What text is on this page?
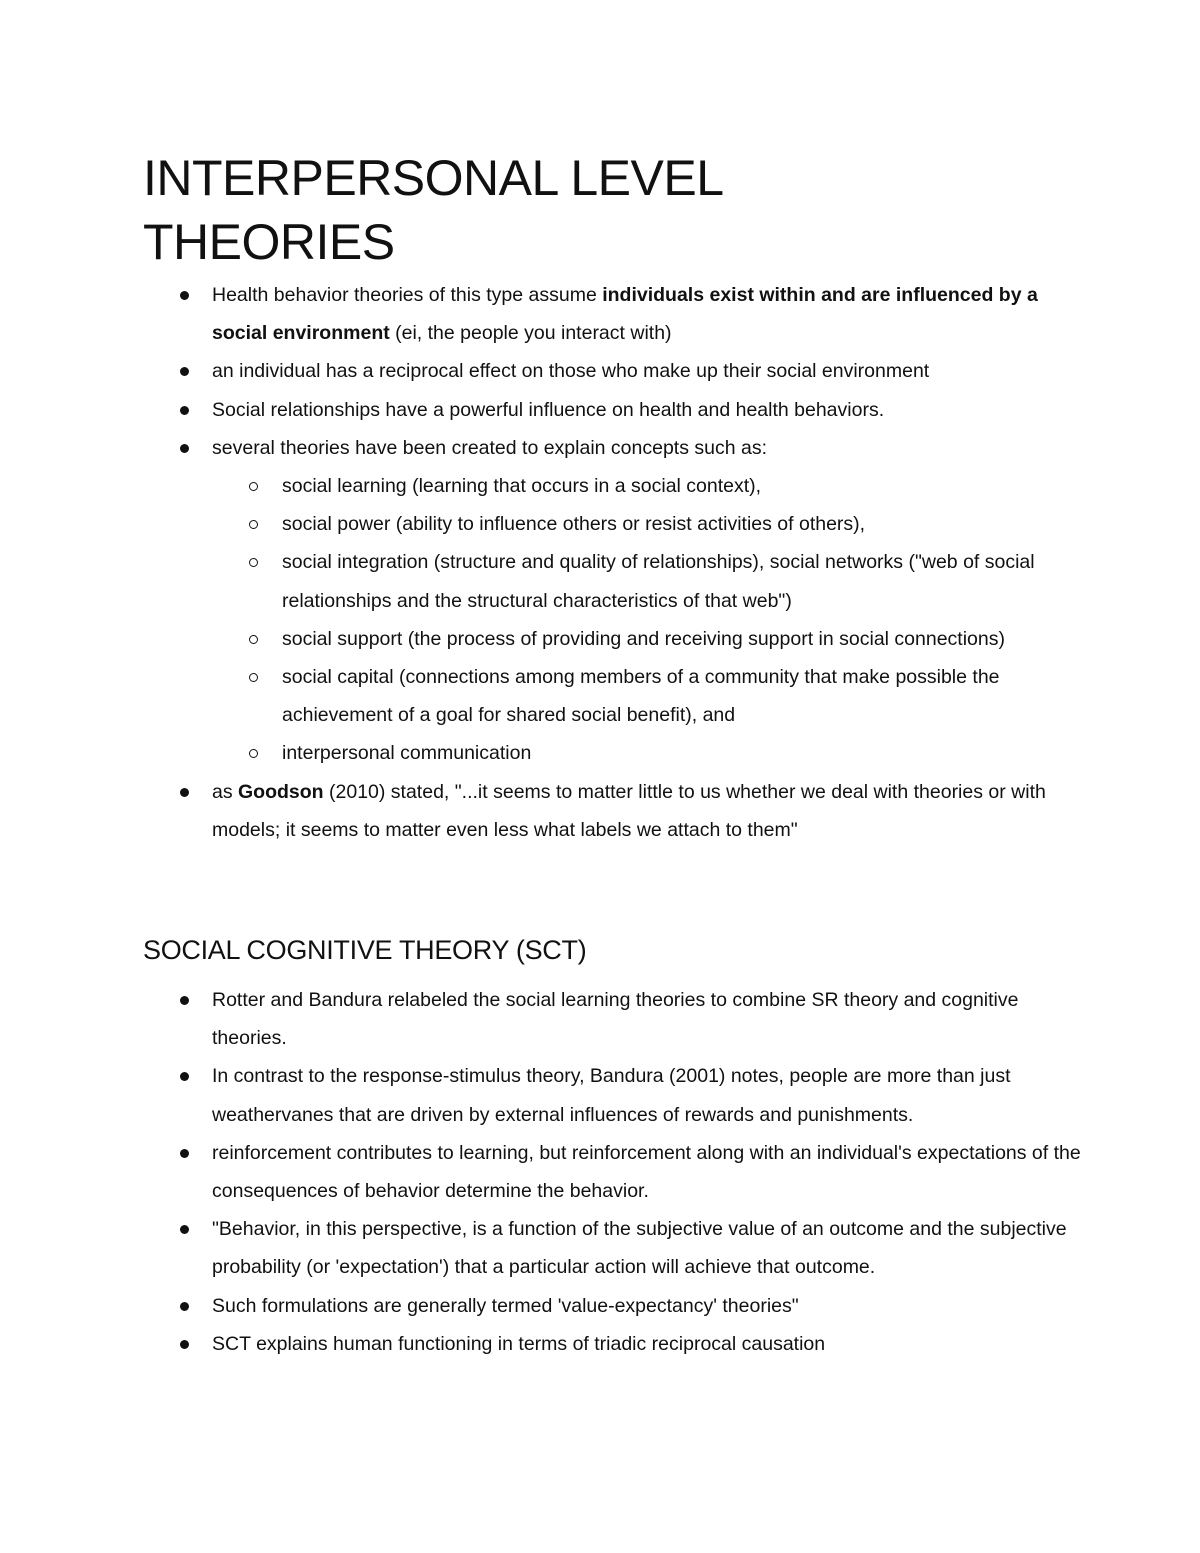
INTERPERSONAL LEVEL
THEORIES
Health behavior theories of this type assume individuals exist within and are influenced by a social environment (ei, the people you interact with)
an individual has a reciprocal effect on those who make up their social environment
Social relationships have a powerful influence on health and health behaviors.
several theories have been created to explain concepts such as:
social learning (learning that occurs in a social context),
social power (ability to influence others or resist activities of others),
social integration (structure and quality of relationships), social networks ("web of social relationships and the structural characteristics of that web")
social support (the process of providing and receiving support in social connections)
social capital (connections among members of a community that make possible the achievement of a goal for shared social benefit), and
interpersonal communication
as Goodson (2010) stated, "...it seems to matter little to us whether we deal with theories or with models; it seems to matter even less what labels we attach to them"
SOCIAL COGNITIVE THEORY (SCT)
Rotter and Bandura relabeled the social learning theories to combine SR theory and cognitive theories.
In contrast to the response-stimulus theory, Bandura (2001) notes, people are more than just weathervanes that are driven by external influences of rewards and punishments.
reinforcement contributes to learning, but reinforcement along with an individual's expectations of the consequences of behavior determine the behavior.
"Behavior, in this perspective, is a function of the subjective value of an outcome and the subjective probability (or 'expectation') that a particular action will achieve that outcome.
Such formulations are generally termed 'value-expectancy' theories"
SCT explains human functioning in terms of triadic reciprocal causation
